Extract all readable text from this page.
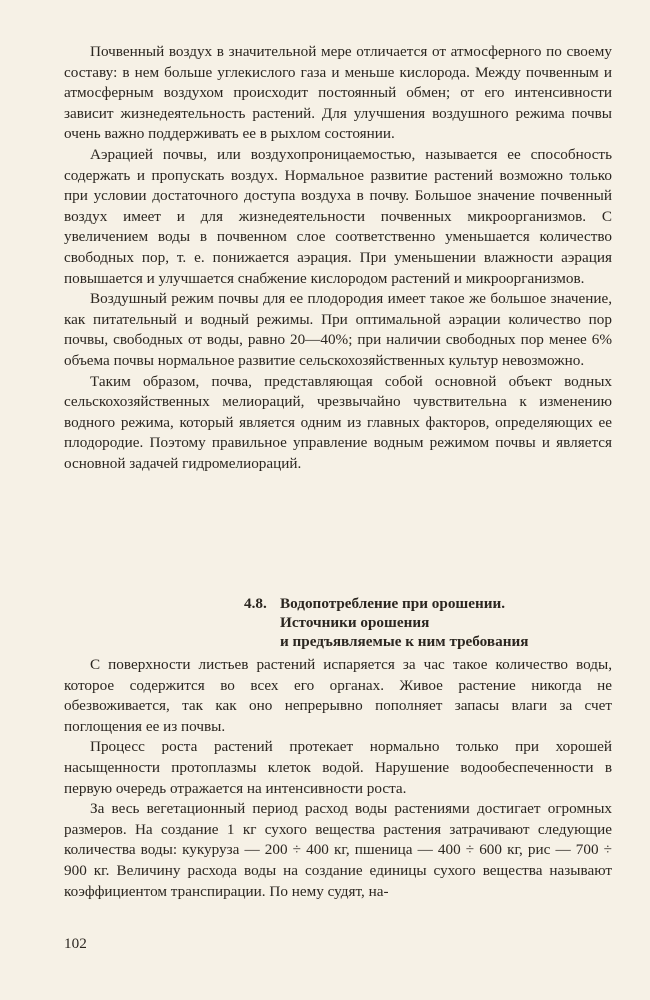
Почвенный воздух в значительной мере отличается от атмосферного по своему составу: в нем больше углекислого газа и меньше кислорода. Между почвенным и атмосферным воздухом происходит постоянный обмен; от его интенсивности зависит жизнедеятельность растений. Для улучшения воздушного режима почвы очень важно поддерживать ее в рыхлом состоянии.

Аэрацией почвы, или воздухопроницаемостью, называется ее способность содержать и пропускать воздух. Нормальное развитие растений возможно только при условии достаточного доступа воздуха в почву. Большое значение почвенный воздух имеет и для жизнедеятельности почвенных микроорганизмов. С увеличением воды в почвенном слое соответственно уменьшается количество свободных пор, т. е. понижается аэрация. При уменьшении влажности аэрация повышается и улучшается снабжение кислородом растений и микроорганизмов.

Воздушный режим почвы для ее плодородия имеет такое же большое значение, как питательный и водный режимы. При оптимальной аэрации количество пор почвы, свободных от воды, равно 20—40%; при наличии свободных пор менее 6% объема почвы нормальное развитие сельскохозяйственных культур невозможно.

Таким образом, почва, представляющая собой основной объект водных сельскохозяйственных мелиораций, чрезвычайно чувствительна к изменению водного режима, который является одним из главных факторов, определяющих ее плодородие. Поэтому правильное управление водным режимом почвы и является основной задачей гидромелиораций.

4.8. Водопотребление при орошении.
Источники орошения
и предъявляемые к ним требования

С поверхности листьев растений испаряется за час такое количество воды, которое содержится во всех его органах. Живое растение никогда не обезвоживается, так как оно непрерывно пополняет запасы влаги за счет поглощения ее из почвы.

Процесс роста растений протекает нормально только при хорошей насыщенности протоплазмы клеток водой. Нарушение водообеспеченности в первую очередь отражается на интенсивности роста.

За весь вегетационный период расход воды растениями достигает огромных размеров. На создание 1 кг сухого вещества растения затрачивают следующие количества воды: кукуруза — 200 ÷ 400 кг, пшеница — 400 ÷ 600 кг, рис — 700 ÷ 900 кг. Величину расхода воды на создание единицы сухого вещества называют коэффициентом транспирации. По нему судят, на-

102
